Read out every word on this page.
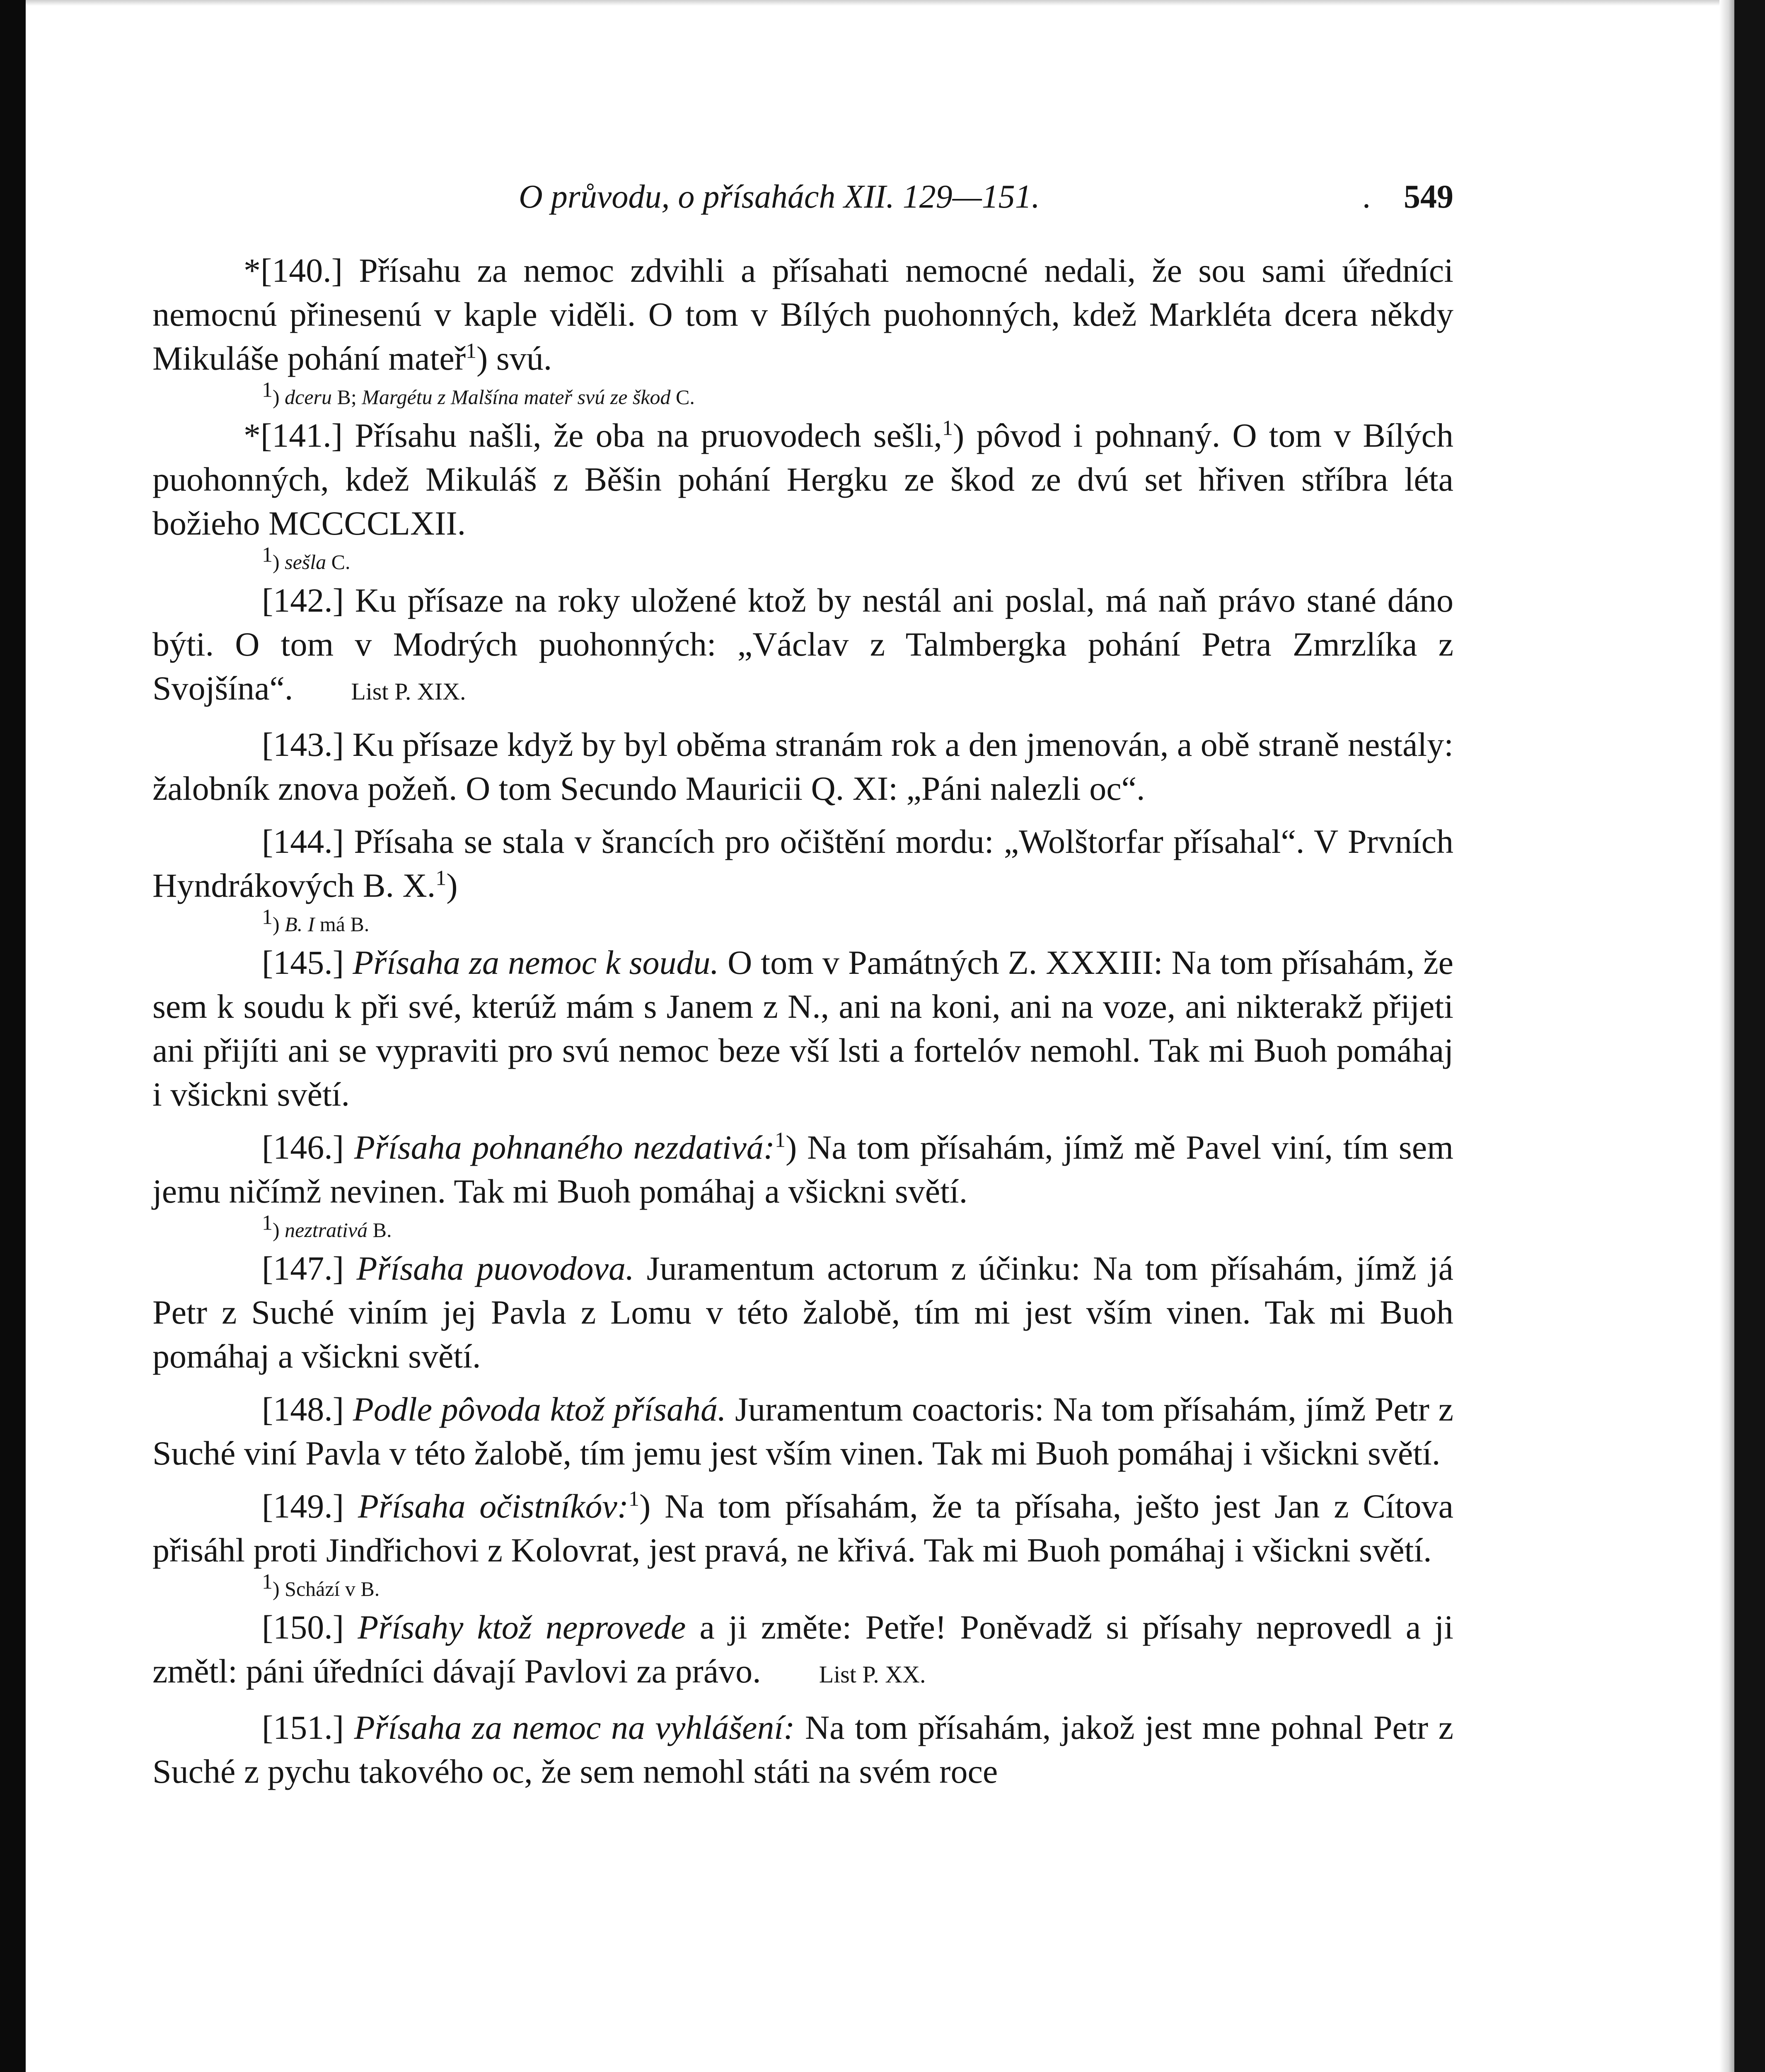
O průvodu, o přísahách XII. 129—151.	. 549

*[140.] Přísahu za nemoc zdvihli a přísahati nemocné nedali, že sou sami úředníci nemocnú přinesenú v kaple viděli. O tom v Bílých puohonných, kdež Markléta dcera někdy Mikuláše pohání mateř$^1$) svú.

$^1$) dceru B; Margétu z Malšína mateř svú ze škod C.

*[141.] Přísahu našli, že oba na pruovodech sešli,$^1$) pôvod i pohnaný. O tom v Bílých puohonných, kdež Mikuláš z Běšin pohání Hergku ze škod ze dvú set hřiven stříbra léta božieho MCCCCLXII.

$^1$) sešla C.

[142.] Ku přísaze na roky uložené ktož by nestál ani poslal, má naň právo stané dáno býti. O tom v Modrých puohonných: „Václav z Talmbergka pohání Petra Zmrzlíka z Svojšína“. List P. XIX.

[143.] Ku přísaze když by byl oběma stranám rok a den jmenován, a obě straně nestály: žalobník znova požeň. O tom Secundo Mauricii Q. XI: „Páni nalezli oc“.

[144.] Přísaha se stala v šrancích pro očištění mordu: „Wolštorfar přísahal“. V Prvních Hyndrákových B. X.$^1$)

$^1$) B. I má B.

[145.] Přísaha za nemoc k soudu. O tom v Památných Z. XXXIII: Na tom přísahám, že sem k soudu k při své, kterúž mám s Janem z N., ani na koni, ani na voze, ani nikterakž přijeti ani přijíti ani se vypraviti pro svú nemoc beze vší lsti a fortelóv nemohl. Tak mi Buoh pomáhaj i všickni světí.

[146.] Přísaha pohnaného nezdativá:$^1$) Na tom přísahám, jímž mě Pavel viní, tím sem jemu ničímž nevinen. Tak mi Buoh pomáhaj a všickni světí.

$^1$) neztrativá B.

[147.] Přísaha puovodova. Juramentum actorum z účinku: Na tom přísahám, jímž já Petr z Suché viním jej Pavla z Lomu v této žalobě, tím mi jest vším vinen. Tak mi Buoh pomáhaj a všickni světí.

[148.] Podle pôvoda ktož přísahá. Juramentum coactoris: Na tom přísahám, jímž Petr z Suché viní Pavla v této žalobě, tím jemu jest vším vinen. Tak mi Buoh pomáhaj i všickni světí.

[149.] Přísaha očistníkóv:$^1$) Na tom přísahám, že ta přísaha, ješto jest Jan z Cítova přisáhl proti Jindřichovi z Kolovrat, jest pravá, ne křivá. Tak mi Buoh pomáhaj i všickni světí.

$^1$) Schází v B.

[150.] Přísahy ktož neprovede a ji změte: Petře! Poněvadž si přísahy neprovedl a ji změtl: páni úředníci dávají Pavlovi za právo. List P. XX.

[151.] Přísaha za nemoc na vyhlášení: Na tom přísahám, jakož jest mne pohnal Petr z Suché z pychu takového oc, že sem nemohl státi na svém roce
